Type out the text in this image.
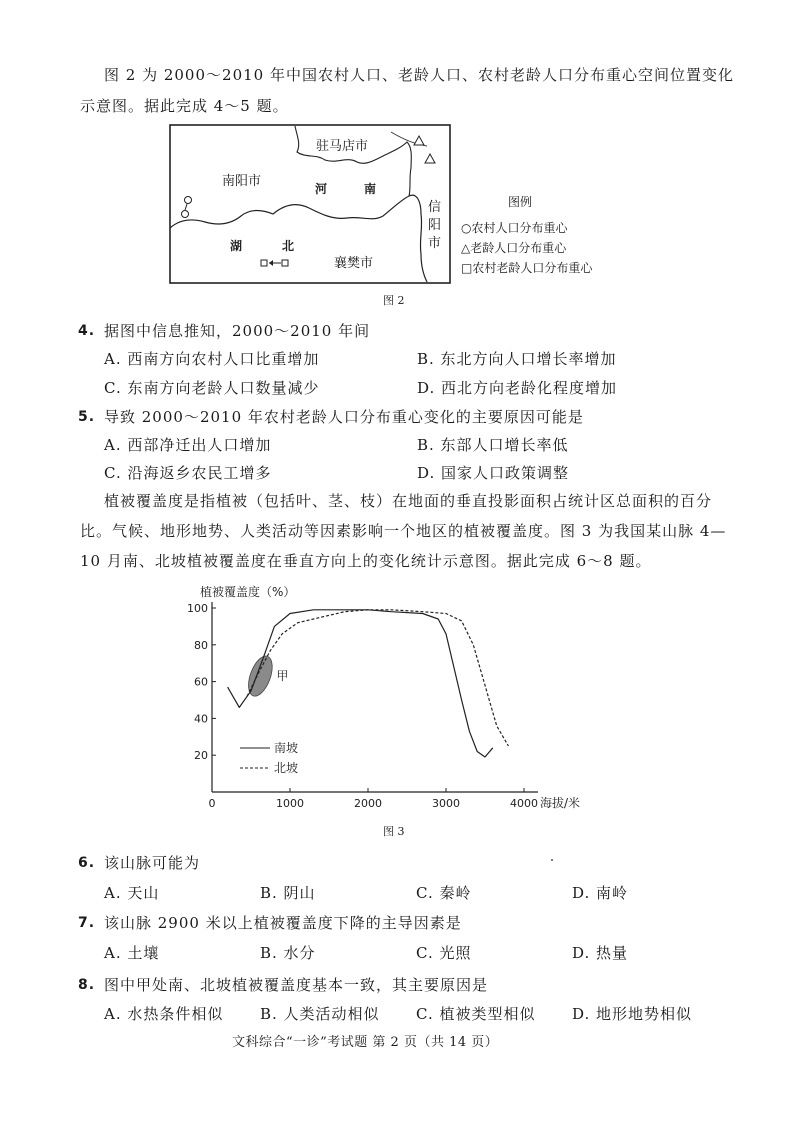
图 2 为 2000～2010 年中国农村人口、老龄人口、农村老龄人口分布重心空间位置变化
示意图。据此完成 4～5 题。
驻马店市
南阳市	河	南
湖	北
襄樊市
信
阳
市
图例
○农村人口分布重心
△老龄人口分布重心
□农村老龄人口分布重心
图 2
4. 据图中信息推知，2000～2010 年间
A. 西南方向农村人口比重增加	B. 东北方向人口增长率增加
C. 东南方向老龄人口数量减少	D. 西北方向老龄化程度增加
5. 导致 2000～2010 年农村老龄人口分布重心变化的主要原因可能是
A. 西部净迁出人口增加	B. 东部人口增长率低
C. 沿海返乡农民工增多	D. 国家人口政策调整
植被覆盖度是指植被（包括叶、茎、枝）在地面的垂直投影面积占统计区总面积的百分
比。气候、地形地势、人类活动等因素影响一个地区的植被覆盖度。图 3 为我国某山脉 4—
10 月南、北坡植被覆盖度在垂直方向上的变化统计示意图。据此完成 6～8 题。
0	1000	2000	3000	4000
20
40
60
80
100
植被覆盖度（%）
海拔/米
甲
南坡
北坡
图 3
6. 该山脉可能为
A. 天山	B. 阴山	C. 秦岭	D. 南岭
7. 该山脉 2900 米以上植被覆盖度下降的主导因素是
A. 土壤	B. 水分	C. 光照	D. 热量
8. 图中甲处南、北坡植被覆盖度基本一致，其主要原因是
A. 水热条件相似 B. 人类活动相似 C. 植被类型相似 D. 地形地势相似
文科综合“一诊”考试题 第 2 页（共 14 页）
